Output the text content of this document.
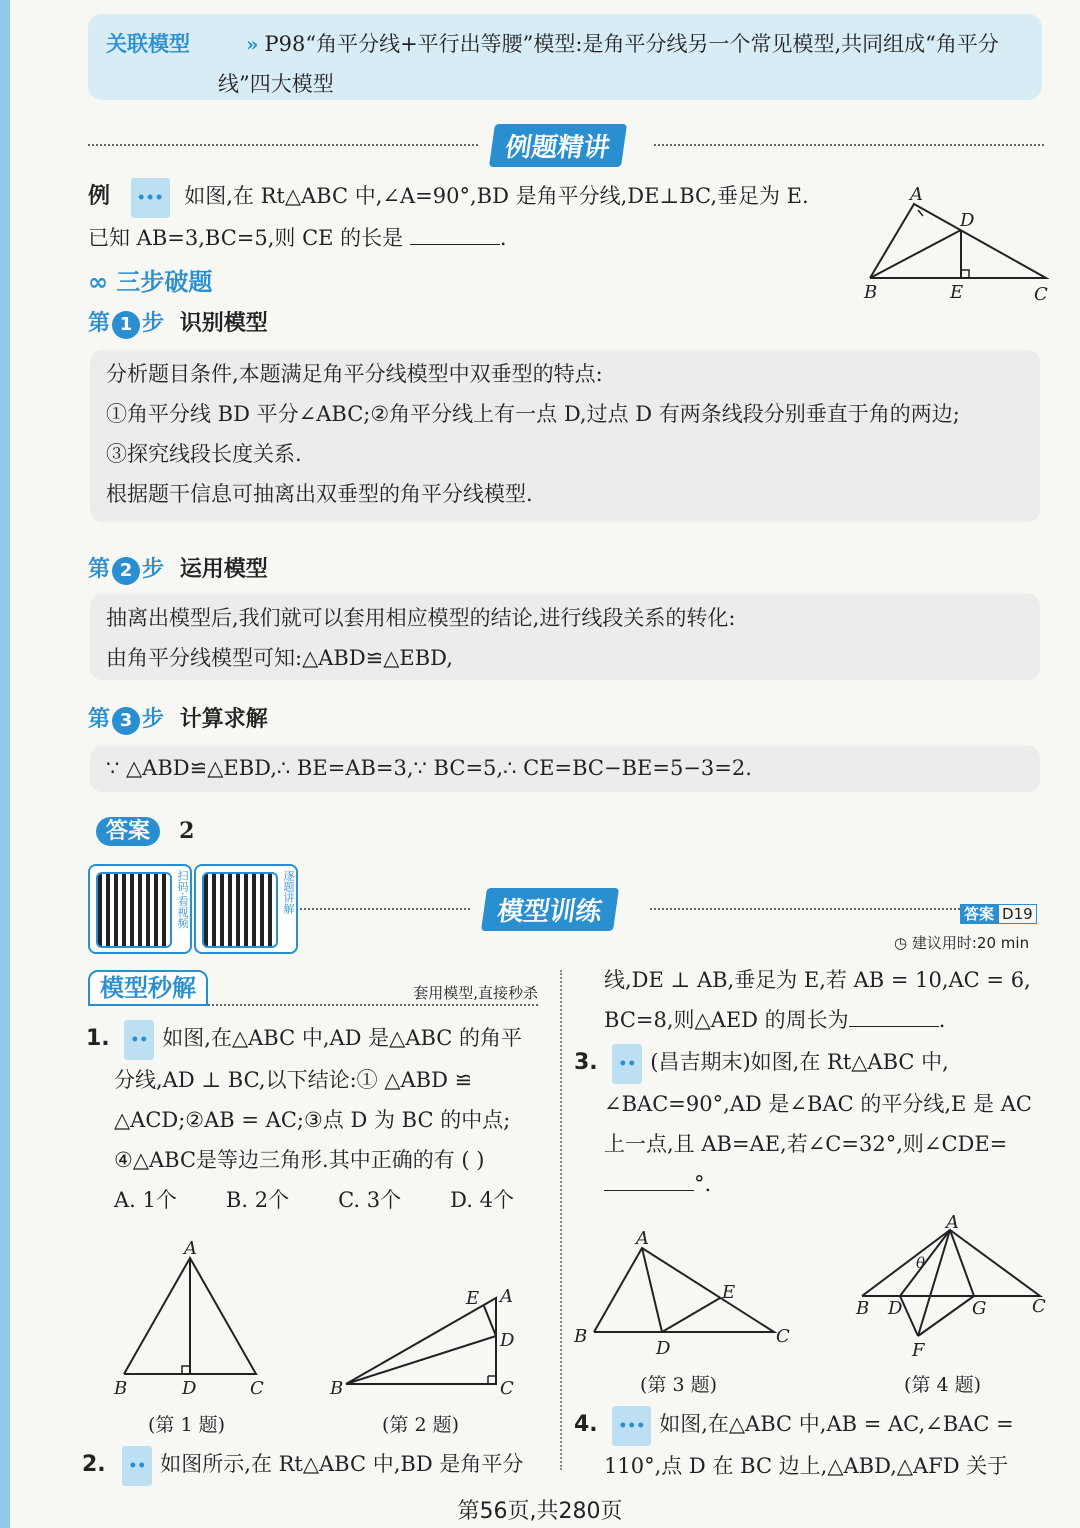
关联模型	» P98“角平分线+平行出等腰”模型:是角平分线另一个常见模型,共同组成“角平分线”四大模型
例题精讲
例 ••• 如图,在 Rt△ABC 中,∠A=90°,BD 是角平分线,DE⊥BC,垂足为 E.
已知 AB=3,BC=5,则 CE 的长是	.
A
D
B	E	C
∞ 三步破题
第 1 步 识别模型
分析题目条件,本题满足角平分线模型中双垂型的特点:
①角平分线 BD 平分∠ABC;②角平分线上有一点 D,过点 D 有两条线段分别垂直于角的两边;
③探究线段长度关系.
根据题干信息可抽离出双垂型的角平分线模型.
第 2 步 运用模型
抽离出模型后,我们就可以套用相应模型的结论,进行线段关系的转化:
由角平分线模型可知:△ABD≌△EBD,
第 3 步 计算求解
∵ △ABD≌△EBD,∴ BE=AB=3,∵ BC=5,∴ CE=BC−BE=5−3=2.
答案 2
扫码·看视频	逐题讲解	模型训练	答案 D19
◷ 建议用时:20 min
模型秒解	套用模型,直接秒杀
1. •• 如图,在△ABC 中,AD 是△ABC 的角平
分线,AD ⊥ BC,以下结论:① △ABD ≌
△ACD;②AB = AC;③点 D 为 BC 的中点;
④△ABC是等边三角形.其中正确的有 ( )
A. 1个 B. 2个 C. 3个 D. 4个
A
B	D	C
(第 1 题)
E A
D
B	C
(第 2 题)
2. •• 如图所示,在 Rt△ABC 中,BD 是角平分
线,DE ⊥ AB,垂足为 E,若 AB = 10,AC = 6,
BC=8,则△AED 的周长为	.
3. •• (昌吉期末)如图,在 Rt△ABC 中,
∠BAC=90°,AD 是∠BAC 的平分线,E 是 AC
上一点,且 AB=AE,若∠C=32°,则∠CDE=
°.
A
E
B
D
C
(第 3 题)
A
θ
B D	G	C
F
(第 4 题)
4. ••• 如图,在△ABC 中,AB = AC,∠BAC =
110°,点 D 在 BC 边上,△ABD,△AFD 关于
第56页,共280页
